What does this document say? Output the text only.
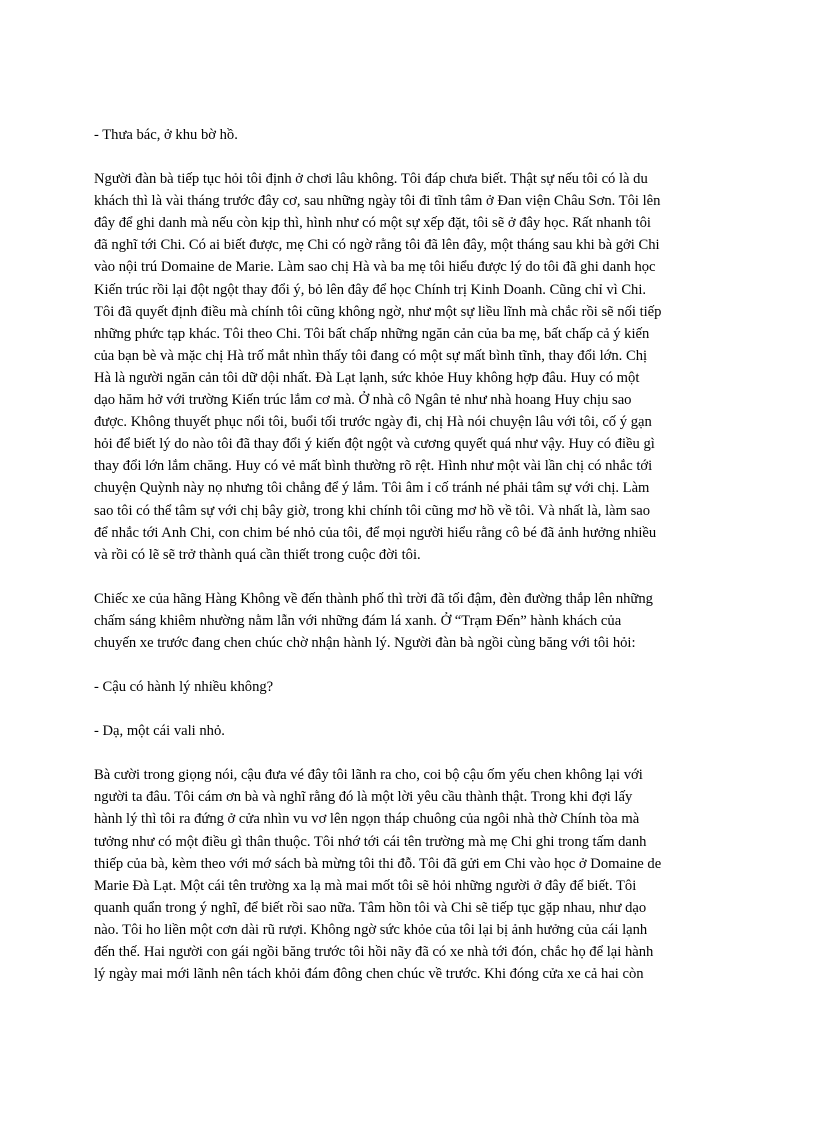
- Thưa bác, ở khu bờ hồ.
Người đàn bà tiếp tục hỏi tôi định ở chơi lâu không. Tôi đáp chưa biết. Thật sự nếu tôi có là du
khách thì là vài tháng trước đây cơ, sau những ngày tôi đi tĩnh tâm ở Đan viện Châu Sơn. Tôi lên
đây để ghi danh mà nếu còn kịp thì, hình như có một sự xếp đặt, tôi sẽ ở đây học. Rất nhanh tôi
đã nghĩ tới Chi. Có ai biết được, mẹ Chi có ngờ rằng tôi đã lên đây, một tháng sau khi bà gởi Chi
vào nội trú Domaine de Marie. Làm sao chị Hà và ba mẹ tôi hiểu được lý do tôi đã ghi danh học
Kiến trúc rồi lại đột ngột thay đổi ý, bỏ lên đây để học Chính trị Kinh Doanh. Cũng chỉ vì Chi.
Tôi đã quyết định điều mà chính tôi cũng không ngờ, như một sự liều lĩnh mà chắc rồi sẽ nối tiếp
những phức tạp khác. Tôi theo Chi. Tôi bất chấp những ngăn cản của ba mẹ, bất chấp cả ý kiến
của bạn bè và mặc chị Hà trố mắt nhìn thấy tôi đang có một sự mất bình tĩnh, thay đổi lớn. Chị
Hà là người ngăn cản tôi dữ dội nhất. Đà Lạt lạnh, sức khỏe Huy không hợp đâu. Huy có một
dạo hăm hở với trường Kiến trúc lắm cơ mà. Ở nhà cô Ngân tẻ như nhà hoang Huy chịu sao
được. Không thuyết phục nổi tôi, buổi tối trước ngày đi, chị Hà nói chuyện lâu với tôi, cố ý gạn
hỏi để biết lý do nào tôi đã thay đổi ý kiến đột ngột và cương quyết quá như vậy. Huy có điều gì
thay đổi lớn lắm chăng. Huy có vẻ mất bình thường rõ rệt. Hình như một vài lần chị có nhắc tới
chuyện Quỳnh này nọ nhưng tôi chẳng để ý lắm. Tôi âm ỉ cố tránh né phải tâm sự với chị. Làm
sao tôi có thể tâm sự với chị bây giờ, trong khi chính tôi cũng mơ hồ về tôi. Và nhất là, làm sao
để nhắc tới Anh Chi, con chim bé nhỏ của tôi, để mọi người hiểu rằng cô bé đã ảnh hưởng nhiều
và rồi có lẽ sẽ trở thành quá cần thiết trong cuộc đời tôi.
Chiếc xe của hãng Hàng Không về đến thành phố thì trời đã tối đậm, đèn đường thắp lên những
chấm sáng khiêm nhường nằm lẫn với những đám lá xanh. Ở “Trạm Đến” hành khách của
chuyến xe trước đang chen chúc chờ nhận hành lý. Người đàn bà ngồi cùng băng với tôi hỏi:
- Cậu có hành lý nhiều không?
- Dạ, một cái vali nhỏ.
Bà cười trong giọng nói, cậu đưa vé đây tôi lãnh ra cho, coi bộ cậu ốm yếu chen không lại với
người ta đâu. Tôi cám ơn bà và nghĩ rằng đó là một lời yêu cầu thành thật. Trong khi đợi lấy
hành lý thì tôi ra đứng ở cửa nhìn vu vơ lên ngọn tháp chuông của ngôi nhà thờ Chính tòa mà
tưởng như có một điều gì thân thuộc. Tôi nhớ tới cái tên trường mà mẹ Chi ghi trong tấm danh
thiếp của bà, kèm theo với mớ sách bà mừng tôi thi đỗ. Tôi đã gửi em Chi vào học ở Domaine de
Marie Đà Lạt. Một cái tên trường xa lạ mà mai mốt tôi sẽ hỏi những người ở đây để biết. Tôi
quanh quẩn trong ý nghĩ, để biết rồi sao nữa. Tâm hồn tôi và Chi sẽ tiếp tục gặp nhau, như dạo
nào. Tôi ho liền một cơn dài rũ rượi. Không ngờ sức khỏe của tôi lại bị ảnh hưởng của cái lạnh
đến thế. Hai người con gái ngồi băng trước tôi hồi nãy đã có xe nhà tới đón, chắc họ để lại hành
lý ngày mai mới lãnh nên tách khỏi đám đông chen chúc về trước. Khi đóng cửa xe cả hai còn
